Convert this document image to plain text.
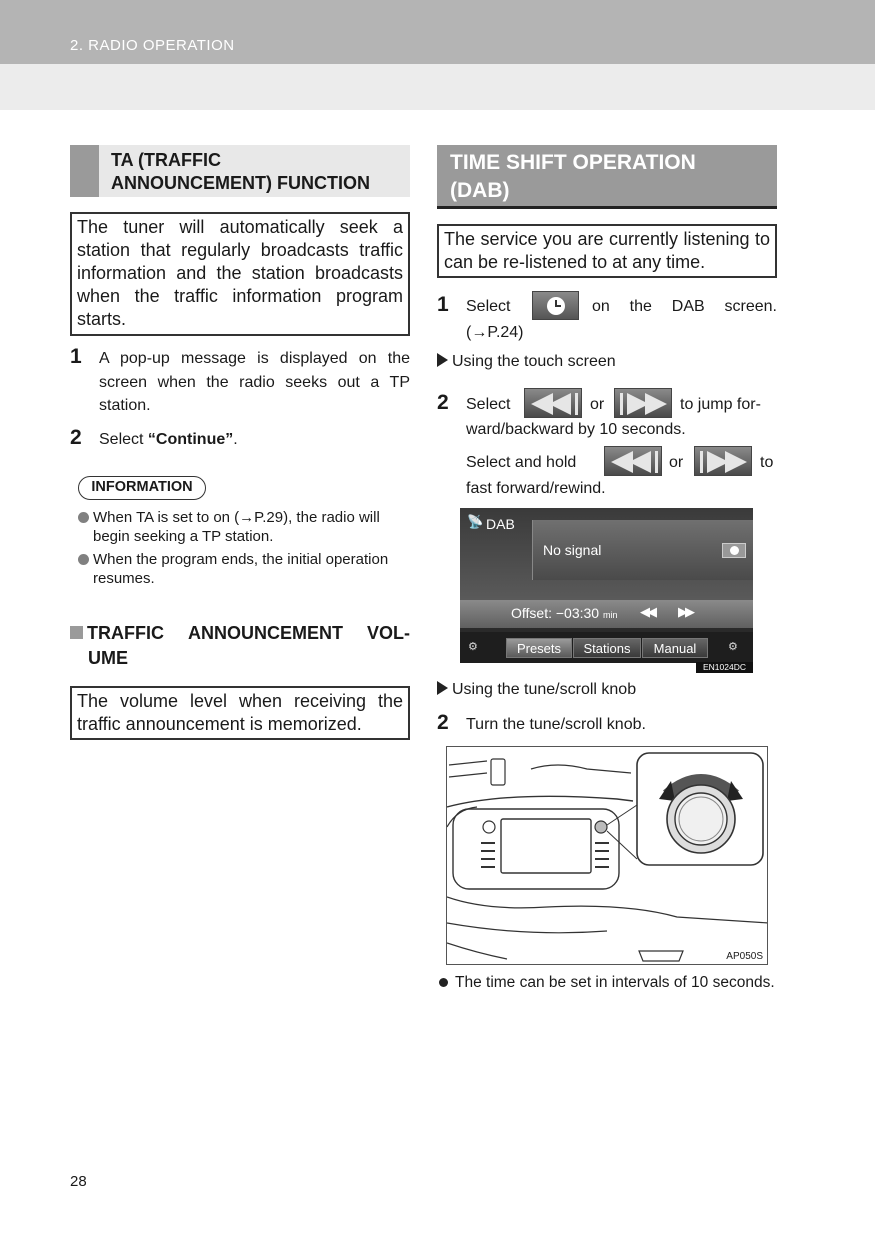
2. RADIO OPERATION
TA (TRAFFIC
ANNOUNCEMENT) FUNCTION
The tuner will automatically seek a station that regularly broadcasts traffic information and the station broadcasts when the traffic information program starts.
1 A pop-up message is displayed on the screen when the radio seeks out a TP station.
2 Select “Continue”.
INFORMATION
When TA is set to on (→P.29), the radio will begin seeking a TP station.
When the program ends, the initial operation resumes.
TRAFFIC ANNOUNCEMENT VOL-
UME
The volume level when receiving the traffic announcement is memorized.
TIME SHIFT OPERATION
(DAB)
The service you are currently listening to can be re-listened to at any time.
1 Select	on the DAB screen.
(→P.24)
Using the touch screen
2 Select	or	to jump for-
ward/backward by 10 seconds.
Select and hold	or	to
fast forward/rewind.
📡 DAB
No signal
Offset: −03:30 min ◀◀ ▶▶
⚙	Presets	Stations	Manual	⚙
EN1024DC
Using the tune/scroll knob
2 Turn the tune/scroll knob.
AP050S
The time can be set in intervals of 10 seconds.
28
